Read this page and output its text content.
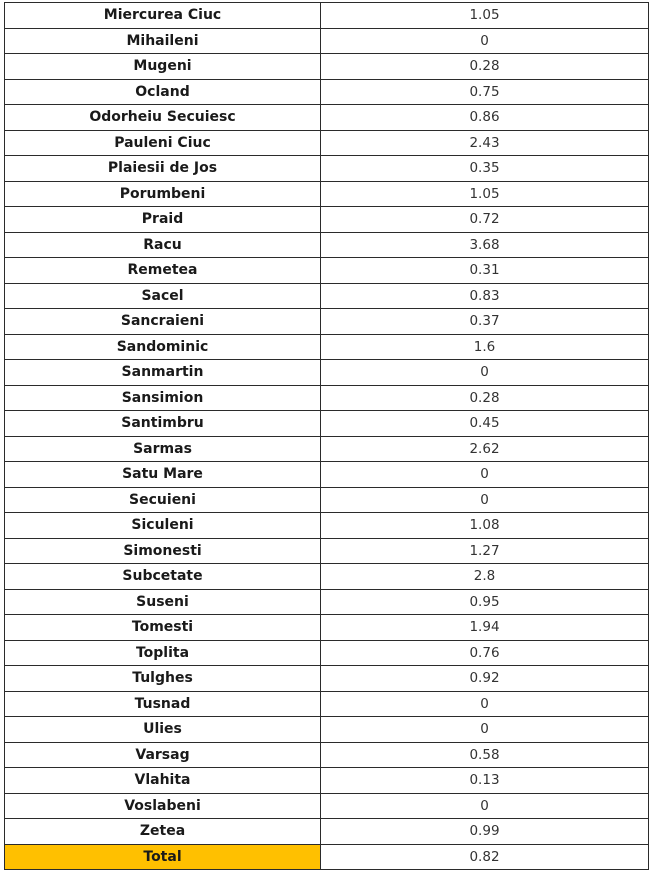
Miercurea Ciuc	1.05
Mihaileni	0
Mugeni	0.28
Ocland	0.75
Odorheiu Secuiesc	0.86
Pauleni Ciuc	2.43
Plaiesii de Jos	0.35
Porumbeni	1.05
Praid	0.72
Racu	3.68
Remetea	0.31
Sacel	0.83
Sancraieni	0.37
Sandominic	1.6
Sanmartin	0
Sansimion	0.28
Santimbru	0.45
Sarmas	2.62
Satu Mare	0
Secuieni	0
Siculeni	1.08
Simonesti	1.27
Subcetate	2.8
Suseni	0.95
Tomesti	1.94
Toplita	0.76
Tulghes	0.92
Tusnad	0
Ulies	0
Varsag	0.58
Vlahita	0.13
Voslabeni	0
Zetea	0.99
Total	0.82
